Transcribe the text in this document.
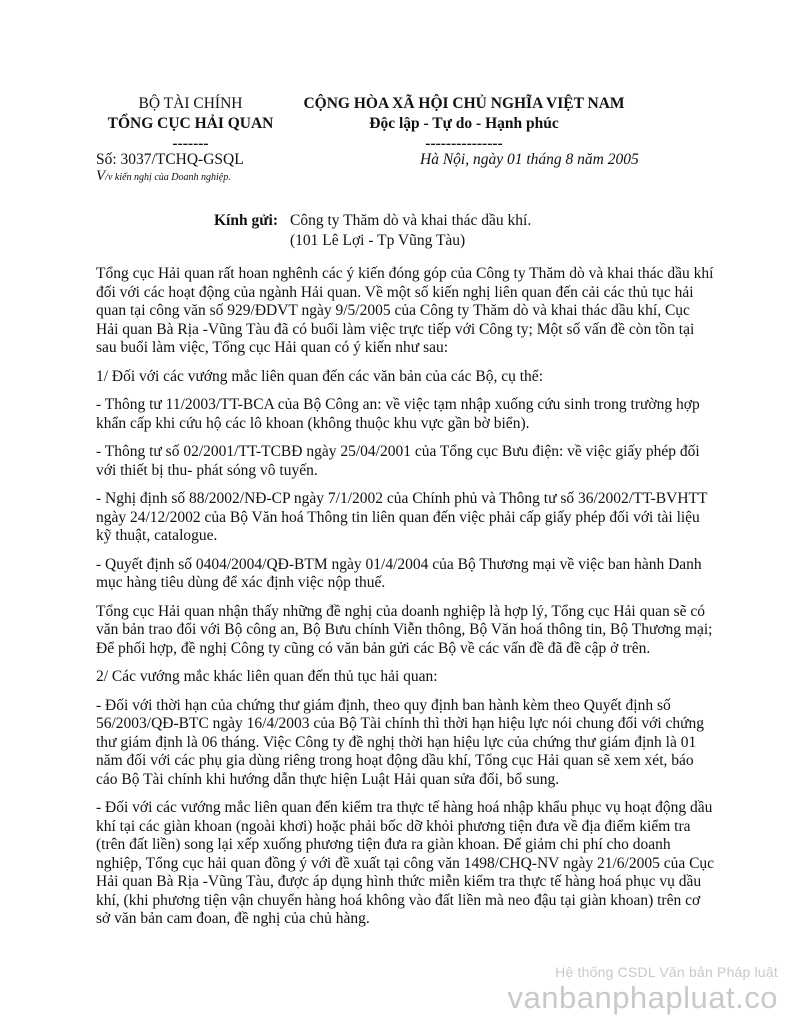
BỘ TÀI CHÍNH
TỔNG CỤC HẢI QUAN
-------
CỘNG HÒA XÃ HỘI CHỦ NGHĨA VIỆT NAM
Độc lập - Tự do - Hạnh phúc
---------------
Số: 3037/TCHQ-GSQL
V/v kiến nghị của Doanh nghiệp.
Hà Nội, ngày 01 tháng 8 năm 2005
Kính gửi: Công ty Thăm dò và khai thác dầu khí.
(101 Lê Lợi - Tp Vũng Tàu)

Tổng cục Hải quan rất hoan nghênh các ý kiến đóng góp của Công ty Thăm dò và khai thác dầu khí đối với các hoạt động của ngành Hải quan. Về một số kiến nghị liên quan đến cải các thủ tục hải quan tại công văn số 929/ĐDVT ngày 9/5/2005 của Công ty Thăm dò và khai thác dầu khí, Cục Hải quan Bà Rịa -Vũng Tàu đã có buổi làm việc trực tiếp với Công ty; Một số vấn đề còn tồn tại sau buổi làm việc, Tổng cục Hải quan có ý kiến như sau:

1/ Đối với các vướng mắc liên quan đến các văn bản của các Bộ, cụ thể:

- Thông tư 11/2003/TT-BCA của Bộ Công an: về việc tạm nhập xuống cứu sinh trong trường hợp khẩn cấp khi cứu hộ các lô khoan (không thuộc khu vực gần bờ biển).

- Thông tư số 02/2001/TT-TCBĐ ngày 25/04/2001 của Tổng cục Bưu điện: về việc giấy phép đối với thiết bị thu- phát sóng vô tuyến.

- Nghị định số 88/2002/NĐ-CP ngày 7/1/2002 của Chính phủ và Thông tư số 36/2002/TT-BVHTT ngày 24/12/2002 của Bộ Văn hoá Thông tin liên quan đến việc phải cấp giấy phép đối với tài liệu kỹ thuật, catalogue.

- Quyết định số 0404/2004/QĐ-BTM ngày 01/4/2004 của Bộ Thương mại về việc ban hành Danh mục hàng tiêu dùng để xác định việc nộp thuế.

Tổng cục Hải quan nhận thấy những đề nghị của doanh nghiệp là hợp lý, Tổng cục Hải quan sẽ có văn bản trao đổi với Bộ công an, Bộ Bưu chính Viễn thông, Bộ Văn hoá thông tin, Bộ Thương mại; Để phối hợp, đề nghị Công ty cũng có văn bản gửi các Bộ về các vấn đề đã đề cập ở trên.

2/ Các vướng mắc khác liên quan đến thủ tục hải quan:

- Đối với thời hạn của chứng thư giám định, theo quy định ban hành kèm theo Quyết định số 56/2003/QĐ-BTC ngày 16/4/2003 của Bộ Tài chính thì thời hạn hiệu lực nói chung đối với chứng thư giám định là 06 tháng. Việc Công ty đề nghị thời hạn hiệu lực của chứng thư giám định là 01 năm đối với các phụ gia dùng riêng trong hoạt động dầu khí, Tổng cục Hải quan sẽ xem xét, báo cáo Bộ Tài chính khi hướng dẫn thực hiện Luật Hải quan sửa đổi, bổ sung.

- Đối với các vướng mắc liên quan đến kiểm tra thực tế hàng hoá nhập khẩu phục vụ hoạt động dầu khí tại các giàn khoan (ngoài khơi) hoặc phải bốc dỡ khỏi phương tiện đưa về địa điểm kiểm tra (trên đất liền) song lại xếp xuống phương tiện đưa ra giàn khoan. Để giảm chi phí cho doanh nghiệp, Tổng cục hải quan đồng ý với đề xuất tại công văn 1498/CHQ-NV ngày 21/6/2005 của Cục Hải quan Bà Rịa -Vũng Tàu, được áp dụng hình thức miễn kiểm tra thực tế hàng hoá phục vụ dầu khí, (khi phương tiện vận chuyển hàng hoá không vào đất liền mà neo đậu tại giàn khoan) trên cơ sở văn bản cam đoan, đề nghị của chủ hàng.

Hệ thống CSDL Văn bản Pháp luật
vanbanphapluat.co
